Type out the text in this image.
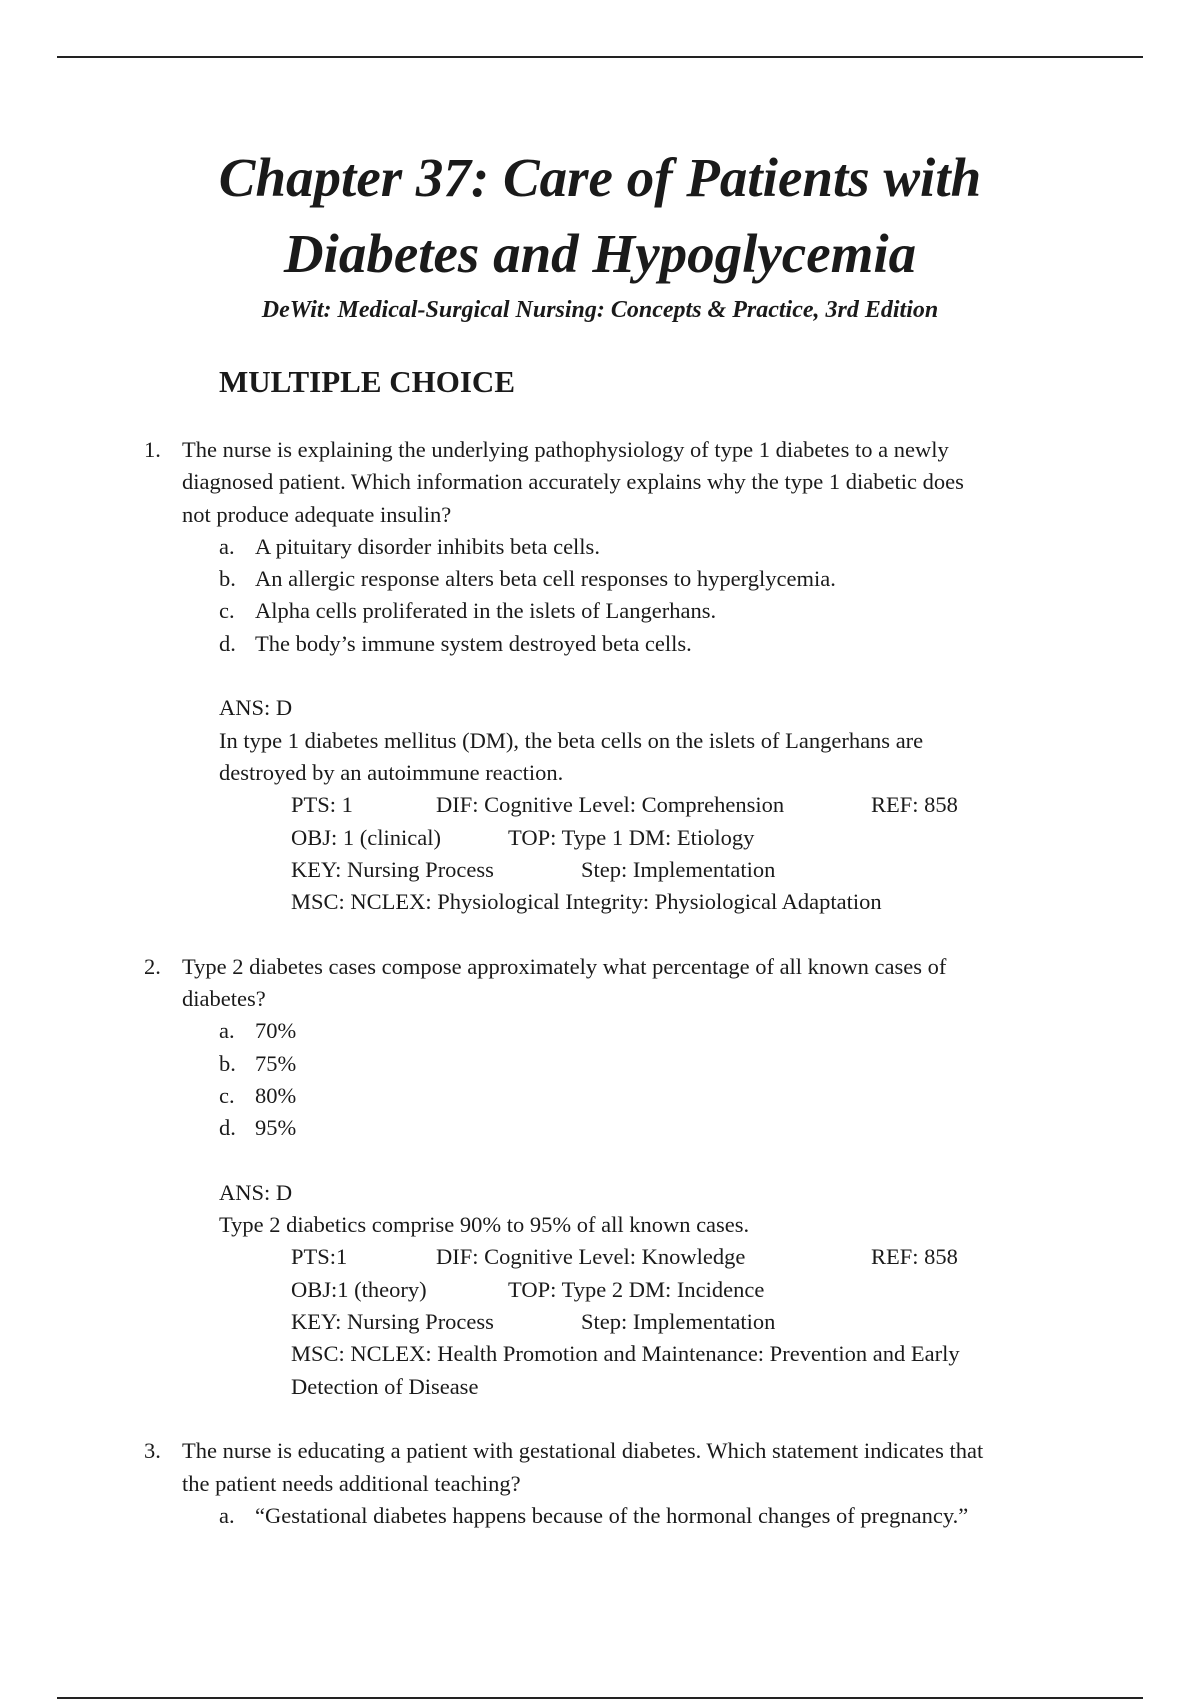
Chapter 37: Care of Patients with
Diabetes and Hypoglycemia
DeWit: Medical-Surgical Nursing: Concepts & Practice, 3rd Edition
MULTIPLE CHOICE
1. The nurse is explaining the underlying pathophysiology of type 1 diabetes to a newly
diagnosed patient. Which information accurately explains why the type 1 diabetic does
not produce adequate insulin?
a. A pituitary disorder inhibits beta cells.
b. An allergic response alters beta cell responses to hyperglycemia.
c. Alpha cells proliferated in the islets of Langerhans.
d. The body’s immune system destroyed beta cells.
ANS: D
In type 1 diabetes mellitus (DM), the beta cells on the islets of Langerhans are
destroyed by an autoimmune reaction.
PTS: 1	DIF: Cognitive Level: Comprehension	REF: 858
OBJ: 1 (clinical)	TOP: Type 1 DM: Etiology
KEY: Nursing Process	Step: Implementation
MSC: NCLEX: Physiological Integrity: Physiological Adaptation
2. Type 2 diabetes cases compose approximately what percentage of all known cases of
diabetes?
a. 70%
b. 75%
c. 80%
d. 95%
ANS: D
Type 2 diabetics comprise 90% to 95% of all known cases.
PTS:1	DIF: Cognitive Level: Knowledge	REF: 858
OBJ:1 (theory)	TOP: Type 2 DM: Incidence
KEY: Nursing Process	Step: Implementation
MSC: NCLEX: Health Promotion and Maintenance: Prevention and Early
Detection of Disease
3. The nurse is educating a patient with gestational diabetes. Which statement indicates that
the patient needs additional teaching?
a. “Gestational diabetes happens because of the hormonal changes of pregnancy.”
